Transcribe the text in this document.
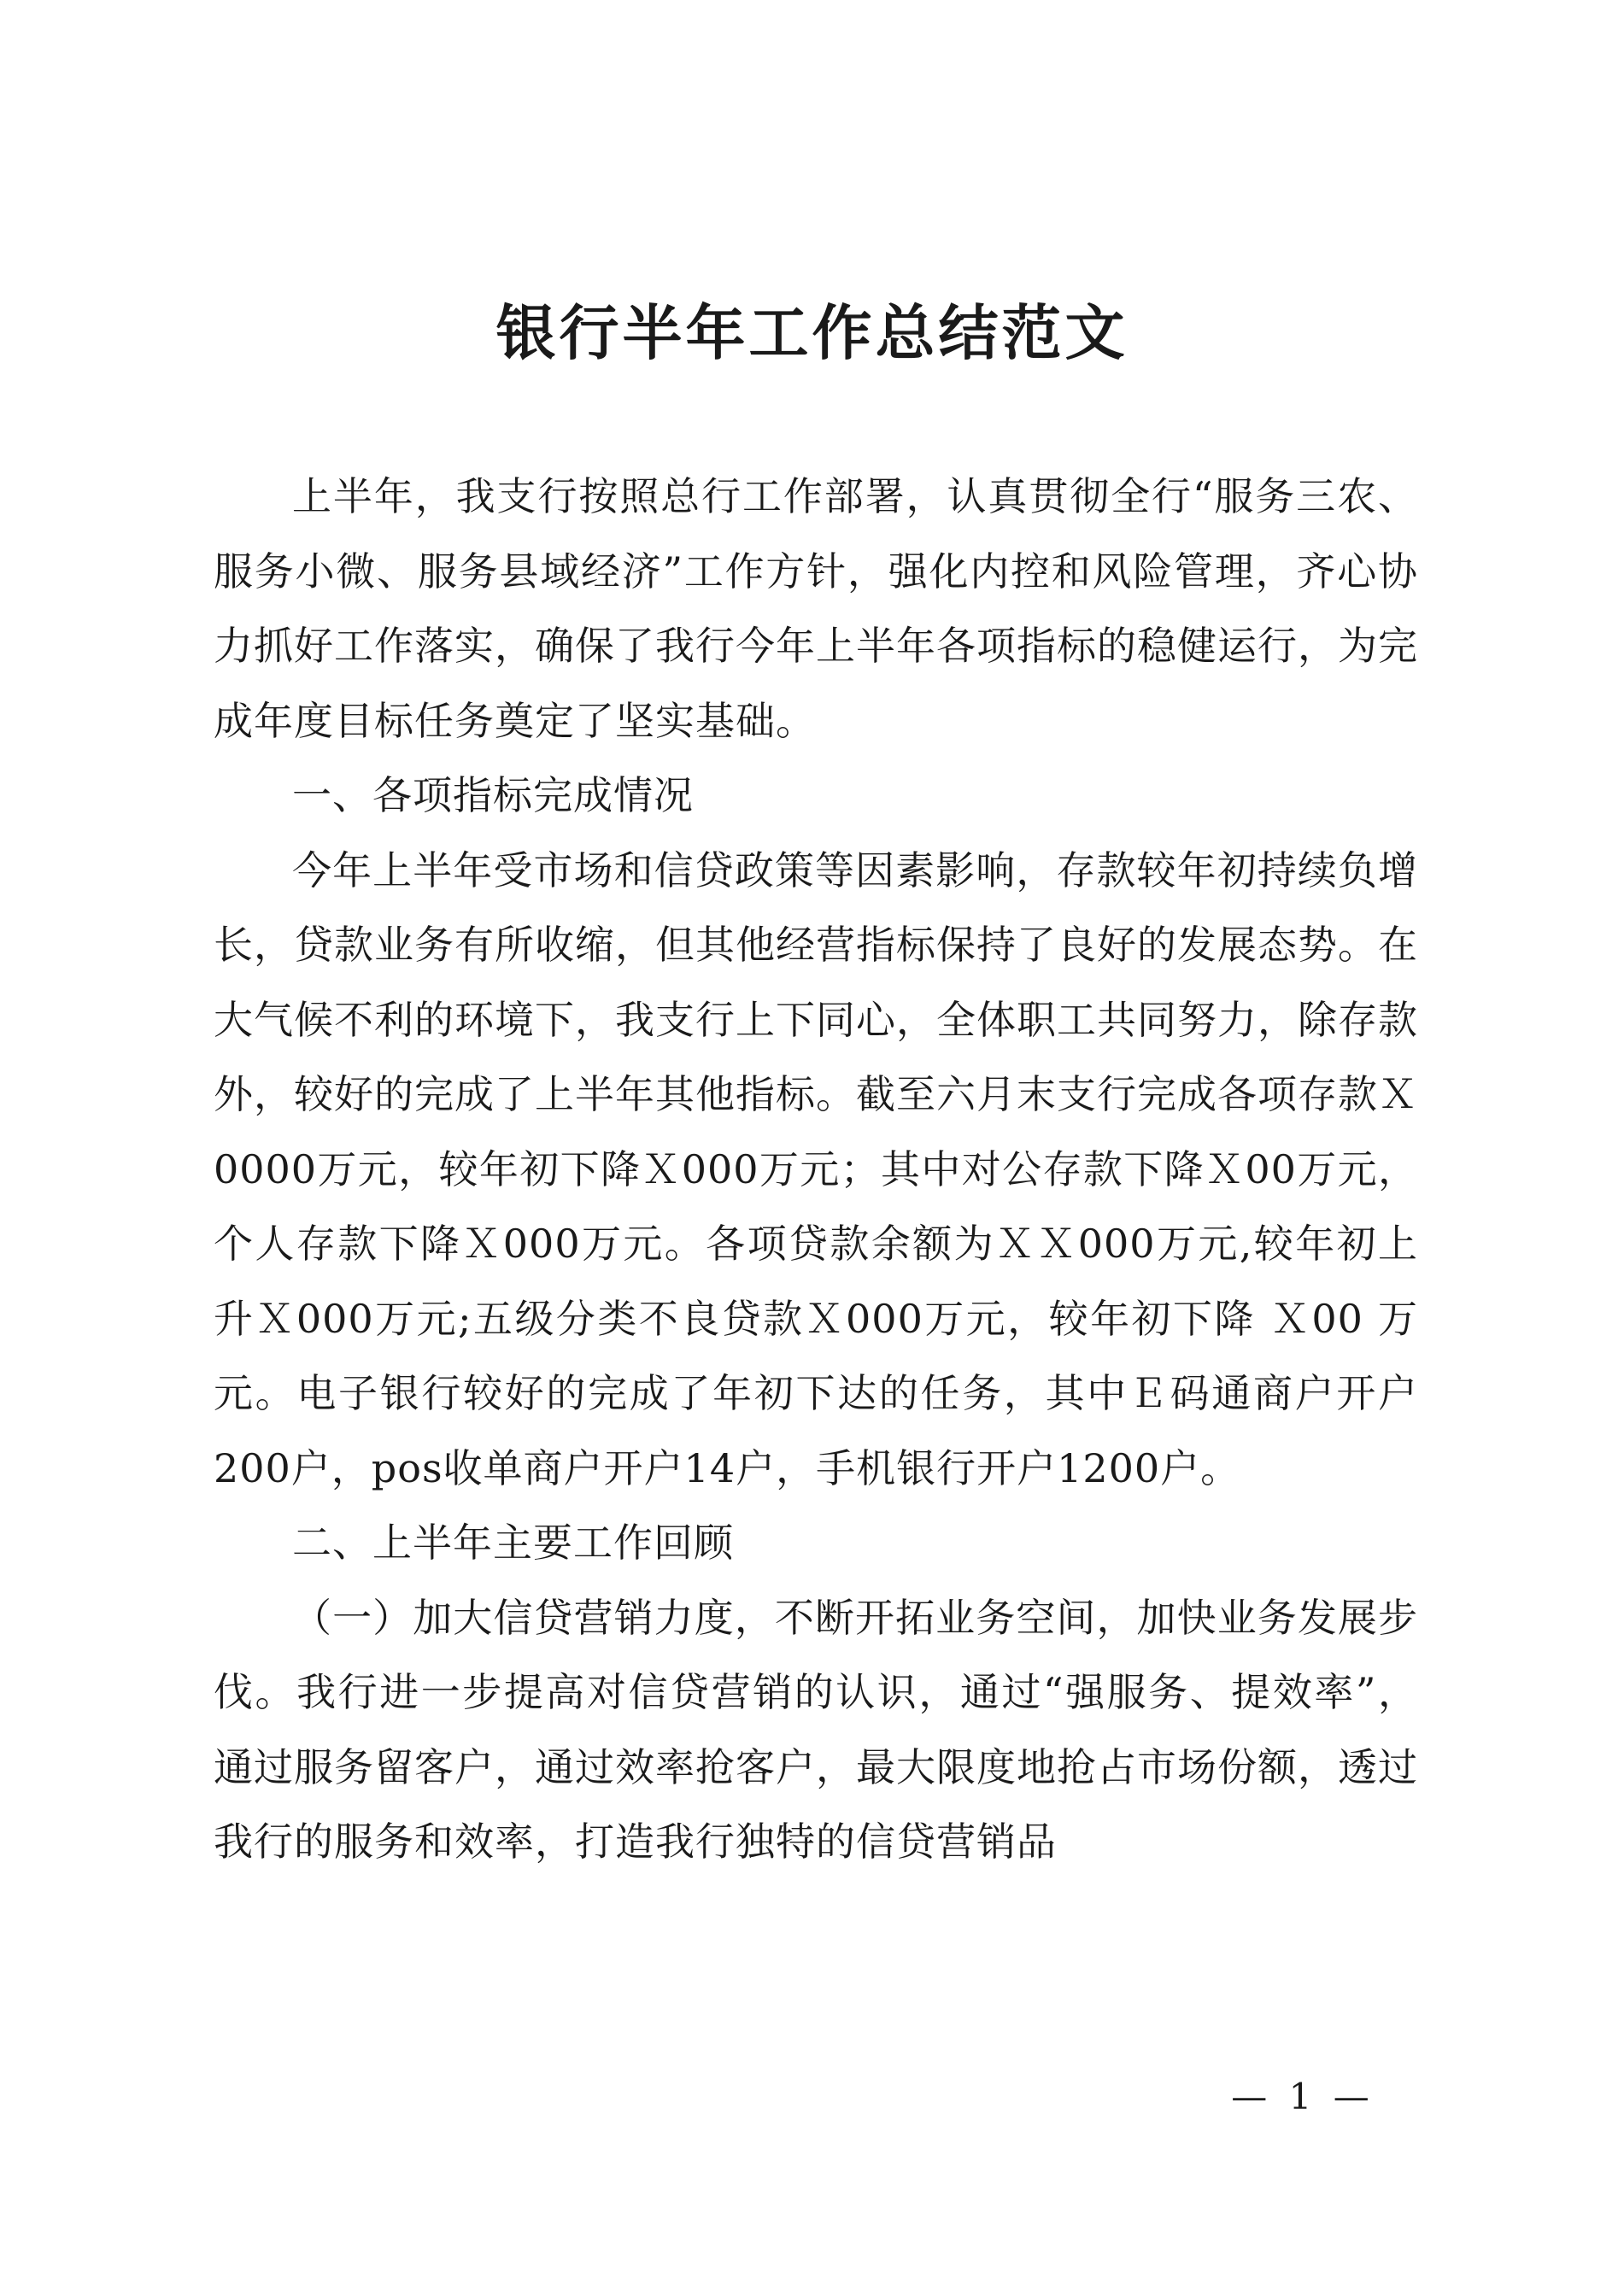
银行半年工作总结范文

上半年，我支行按照总行工作部署，认真贯彻全行“服务三农、服务小微、服务县域经济”工作方针，强化内控和风险管理，齐心协力抓好工作落实，确保了我行今年上半年各项指标的稳健运行，为完成年度目标任务奠定了坚实基础。

一、各项指标完成情况

今年上半年受市场和信贷政策等因素影响，存款较年初持续负增长，贷款业务有所收缩，但其他经营指标保持了良好的发展态势。在大气候不利的环境下，我支行上下同心，全体职工共同努力，除存款外，较好的完成了上半年其他指标。截至六月末支行完成各项存款Ｘ0000万元，较年初下降Ｘ000万元；其中对公存款下降Ｘ00万元，个人存款下降Ｘ000万元。各项贷款余额为ＸＸ000万元,较年初上升Ｘ000万元;五级分类不良贷款Ｘ000万元，较年初下降 Ｘ00 万元。电子银行较好的完成了年初下达的任务，其中Ｅ码通商户开户200户，pos收单商户开户14户，手机银行开户1200户。

二、上半年主要工作回顾

（一）加大信贷营销力度，不断开拓业务空间，加快业务发展步伐。我行进一步提高对信贷营销的认识，通过“强服务、提效率”，通过服务留客户，通过效率抢客户，最大限度地抢占市场份额，透过我行的服务和效率，打造我行独特的信贷营销品

— 1 —
